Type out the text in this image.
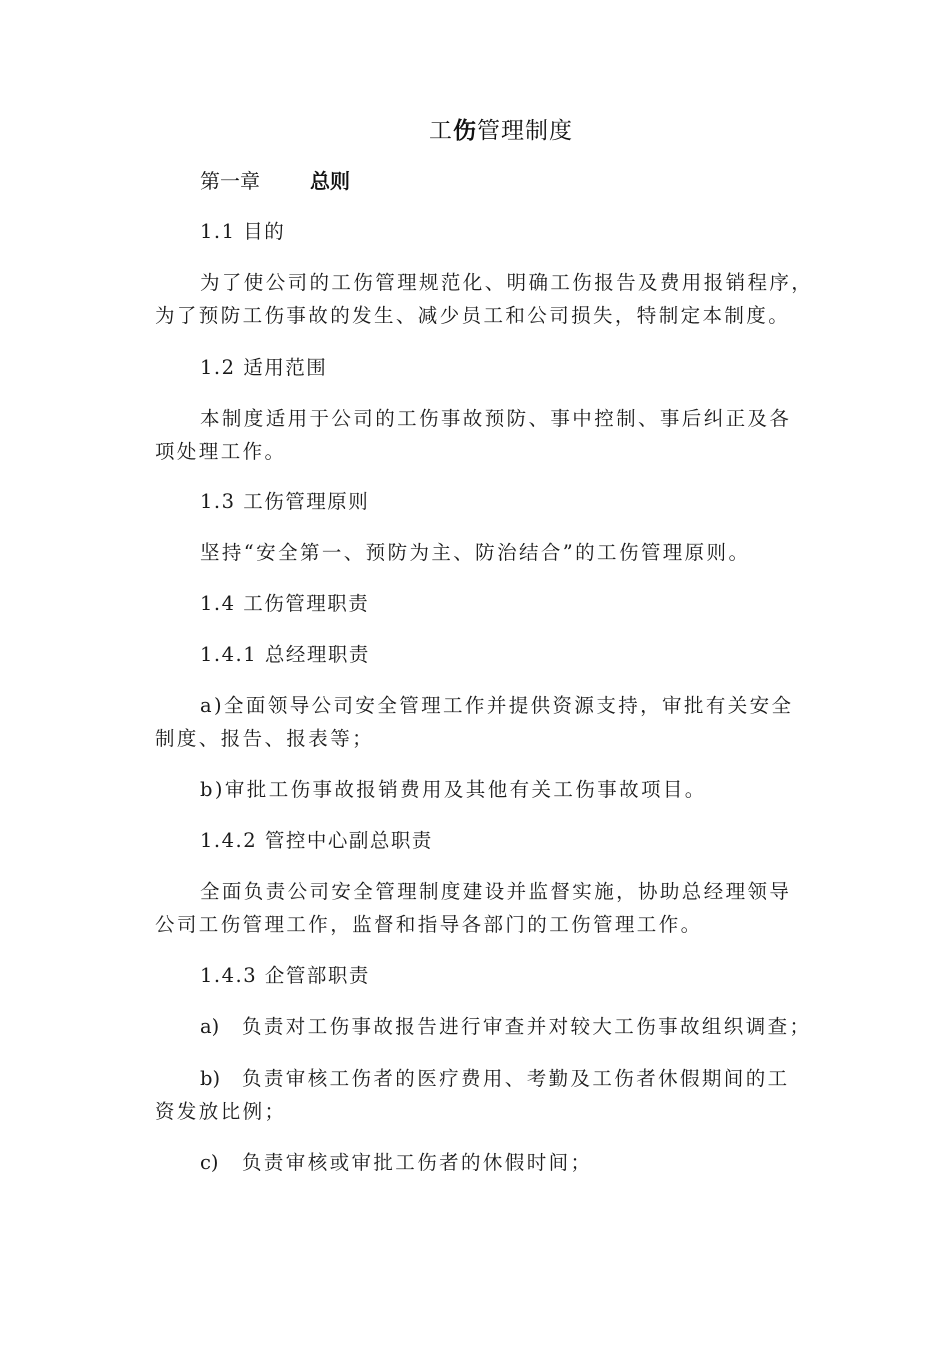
工伤管理制度
第一章	总则
1.1 目的
为了使公司的工伤管理规范化、明确工伤报告及费用报销程序，
为了预防工伤事故的发生、减少员工和公司损失，特制定本制度。
1.2 适用范围
本制度适用于公司的工伤事故预防、事中控制、事后纠正及各
项处理工作。
1.3 工伤管理原则
坚持“安全第一、预防为主、防治结合”的工伤管理原则。
1.4 工伤管理职责
1.4.1 总经理职责
a)全面领导公司安全管理工作并提供资源支持，审批有关安全
制度、报告、报表等；
b)审批工伤事故报销费用及其他有关工伤事故项目。
1.4.2 管控中心副总职责
全面负责公司安全管理制度建设并监督实施，协助总经理领导
公司工伤管理工作，监督和指导各部门的工伤管理工作。
1.4.3 企管部职责
a) 负责对工伤事故报告进行审查并对较大工伤事故组织调查；
b) 负责审核工伤者的医疗费用、考勤及工伤者休假期间的工
资发放比例；
c) 负责审核或审批工伤者的休假时间；
